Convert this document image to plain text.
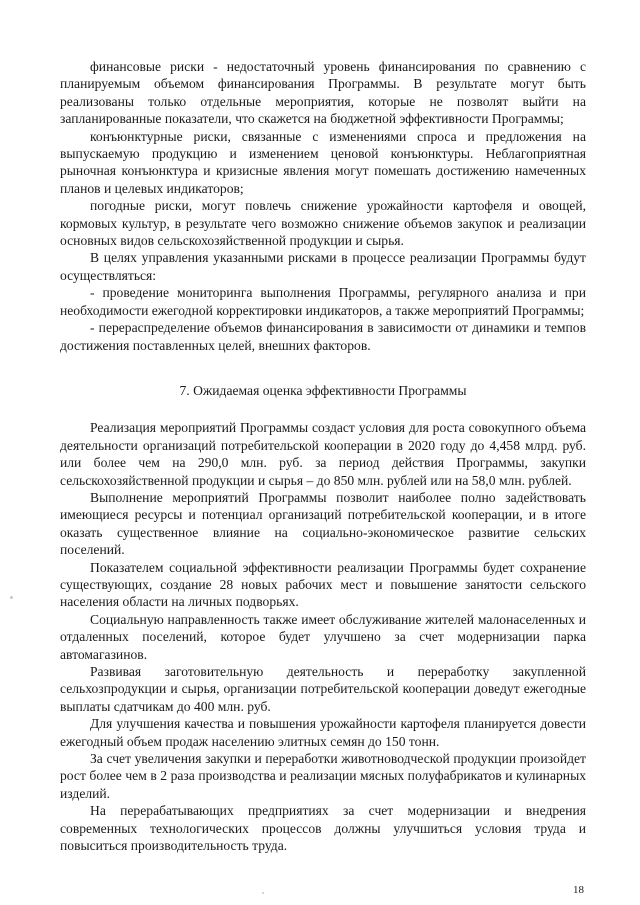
финансовые риски - недостаточный уровень финансирования по сравнению с планируемым объемом финансирования Программы. В результате могут быть реализованы только отдельные мероприятия, которые не позволят выйти на запланированные показатели, что скажется на бюджетной эффективности Программы;

конъюнктурные риски, связанные с изменениями спроса и предложения на выпускаемую продукцию и изменением ценовой конъюнктуры. Неблагоприятная рыночная конъюнктура и кризисные явления могут помешать достижению намеченных планов и целевых индикаторов;

погодные риски, могут повлечь снижение урожайности картофеля и овощей, кормовых культур, в результате чего возможно снижение объемов закупок и реализации основных видов сельскохозяйственной продукции и сырья.

В целях управления указанными рисками в процессе реализации Программы будут осуществляться:

- проведение мониторинга выполнения Программы, регулярного анализа и при необходимости ежегодной корректировки индикаторов, а также мероприятий Программы;

- перераспределение объемов финансирования в зависимости от динамики и темпов достижения поставленных целей, внешних факторов.

7. Ожидаемая оценка эффективности Программы

Реализация мероприятий Программы создаст условия для роста совокупного объема деятельности организаций потребительской кооперации в 2020 году до 4,458 млрд. руб. или более чем на 290,0 млн. руб. за период действия Программы, закупки сельскохозяйственной продукции и сырья – до 850 млн. рублей или на 58,0 млн. рублей.

Выполнение мероприятий Программы позволит наиболее полно задействовать имеющиеся ресурсы и потенциал организаций потребительской кооперации, и в итоге оказать существенное влияние на социально-экономическое развитие сельских поселений.

Показателем социальной эффективности реализации Программы будет сохранение существующих, создание 28 новых рабочих мест и повышение занятости сельского населения области на личных подворьях.

Социальную направленность также имеет обслуживание жителей малонаселенных и отдаленных поселений, которое будет улучшено за счет модернизации парка автомагазинов.

Развивая заготовительную деятельность и переработку закупленной сельхозпродукции и сырья, организации потребительской кооперации доведут ежегодные выплаты сдатчикам до 400 млн. руб.

Для улучшения качества и повышения урожайности картофеля планируется довести ежегодный объем продаж населению элитных семян до 150 тонн.

За счет увеличения закупки и переработки животноводческой продукции произойдет рост более чем в 2 раза производства и реализации мясных полуфабрикатов и кулинарных изделий.

На перерабатывающих предприятиях за счет модернизации и внедрения современных технологических процессов должны улучшиться условия труда и повыситься производительность труда.

18
